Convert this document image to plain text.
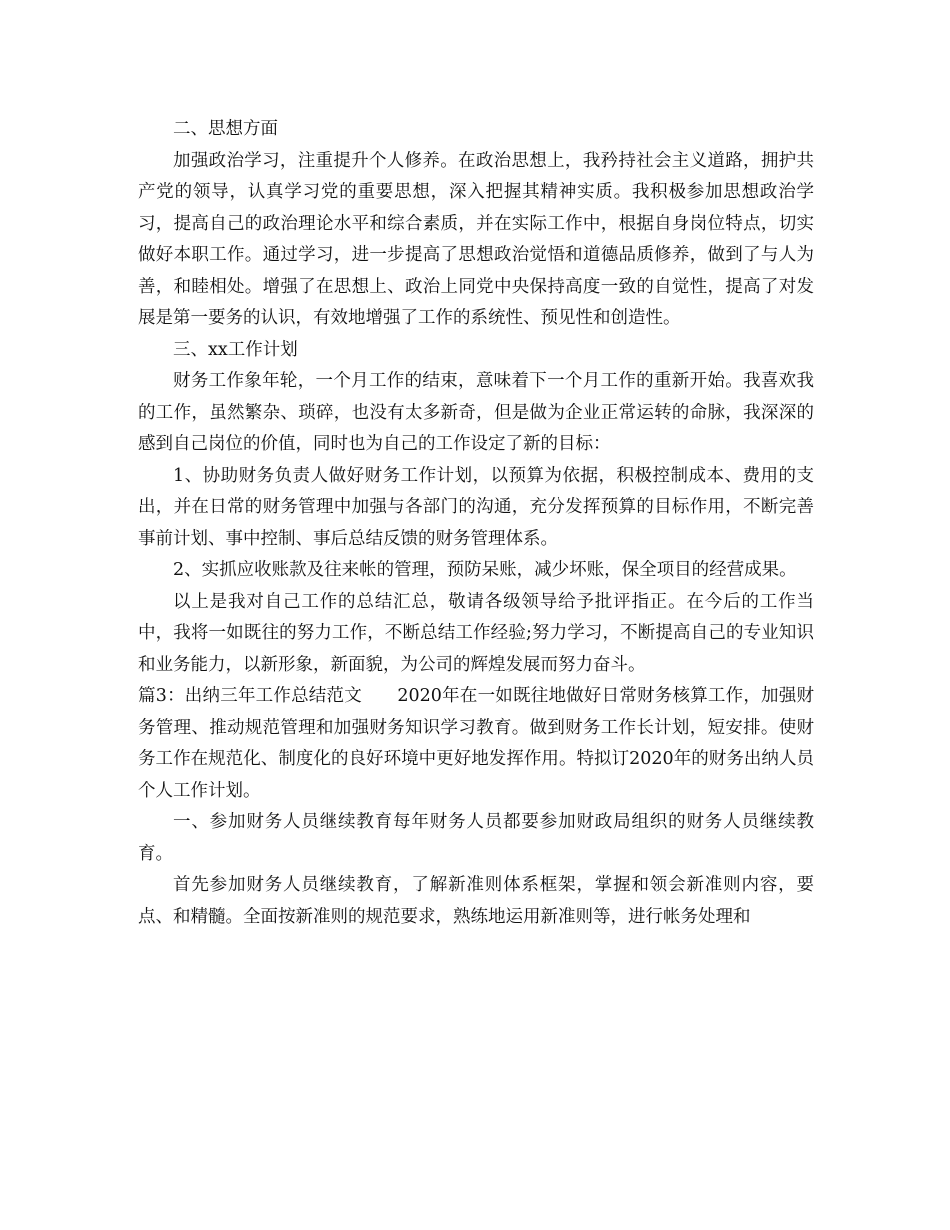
二、思想方面

加强政治学习，注重提升个人修养。在政治思想上，我矜持社会主义道路，拥护共产党的领导，认真学习党的重要思想，深入把握其精神实质。我积极参加思想政治学习，提高自己的政治理论水平和综合素质，并在实际工作中，根据自身岗位特点，切实做好本职工作。通过学习，进一步提高了思想政治觉悟和道德品质修养，做到了与人为善，和睦相处。增强了在思想上、政治上同党中央保持高度一致的自觉性，提高了对发展是第一要务的认识，有效地增强了工作的系统性、预见性和创造性。

三、xx工作计划

财务工作象年轮，一个月工作的结束，意味着下一个月工作的重新开始。我喜欢我的工作，虽然繁杂、琐碎，也没有太多新奇，但是做为企业正常运转的命脉，我深深的感到自己岗位的价值，同时也为自己的工作设定了新的目标：

1、协助财务负责人做好财务工作计划，以预算为依据，积极控制成本、费用的支出，并在日常的财务管理中加强与各部门的沟通，充分发挥预算的目标作用，不断完善事前计划、事中控制、事后总结反馈的财务管理体系。

2、实抓应收账款及往来帐的管理，预防呆账，减少坏账，保全项目的经营成果。

以上是我对自己工作的总结汇总，敬请各级领导给予批评指正。在今后的工作当中，我将一如既往的努力工作，不断总结工作经验;努力学习，不断提高自己的专业知识和业务能力，以新形象，新面貌，为公司的辉煌发展而努力奋斗。

篇3：出纳三年工作总结范文　　2020年在一如既往地做好日常财务核算工作，加强财务管理、推动规范管理和加强财务知识学习教育。做到财务工作长计划，短安排。使财务工作在规范化、制度化的良好环境中更好地发挥作用。特拟订2020年的财务出纳人员个人工作计划。

一、参加财务人员继续教育每年财务人员都要参加财政局组织的财务人员继续教育。

首先参加财务人员继续教育，了解新准则体系框架，掌握和领会新准则内容，要点、和精髓。全面按新准则的规范要求，熟练地运用新准则等，进行帐务处理和
